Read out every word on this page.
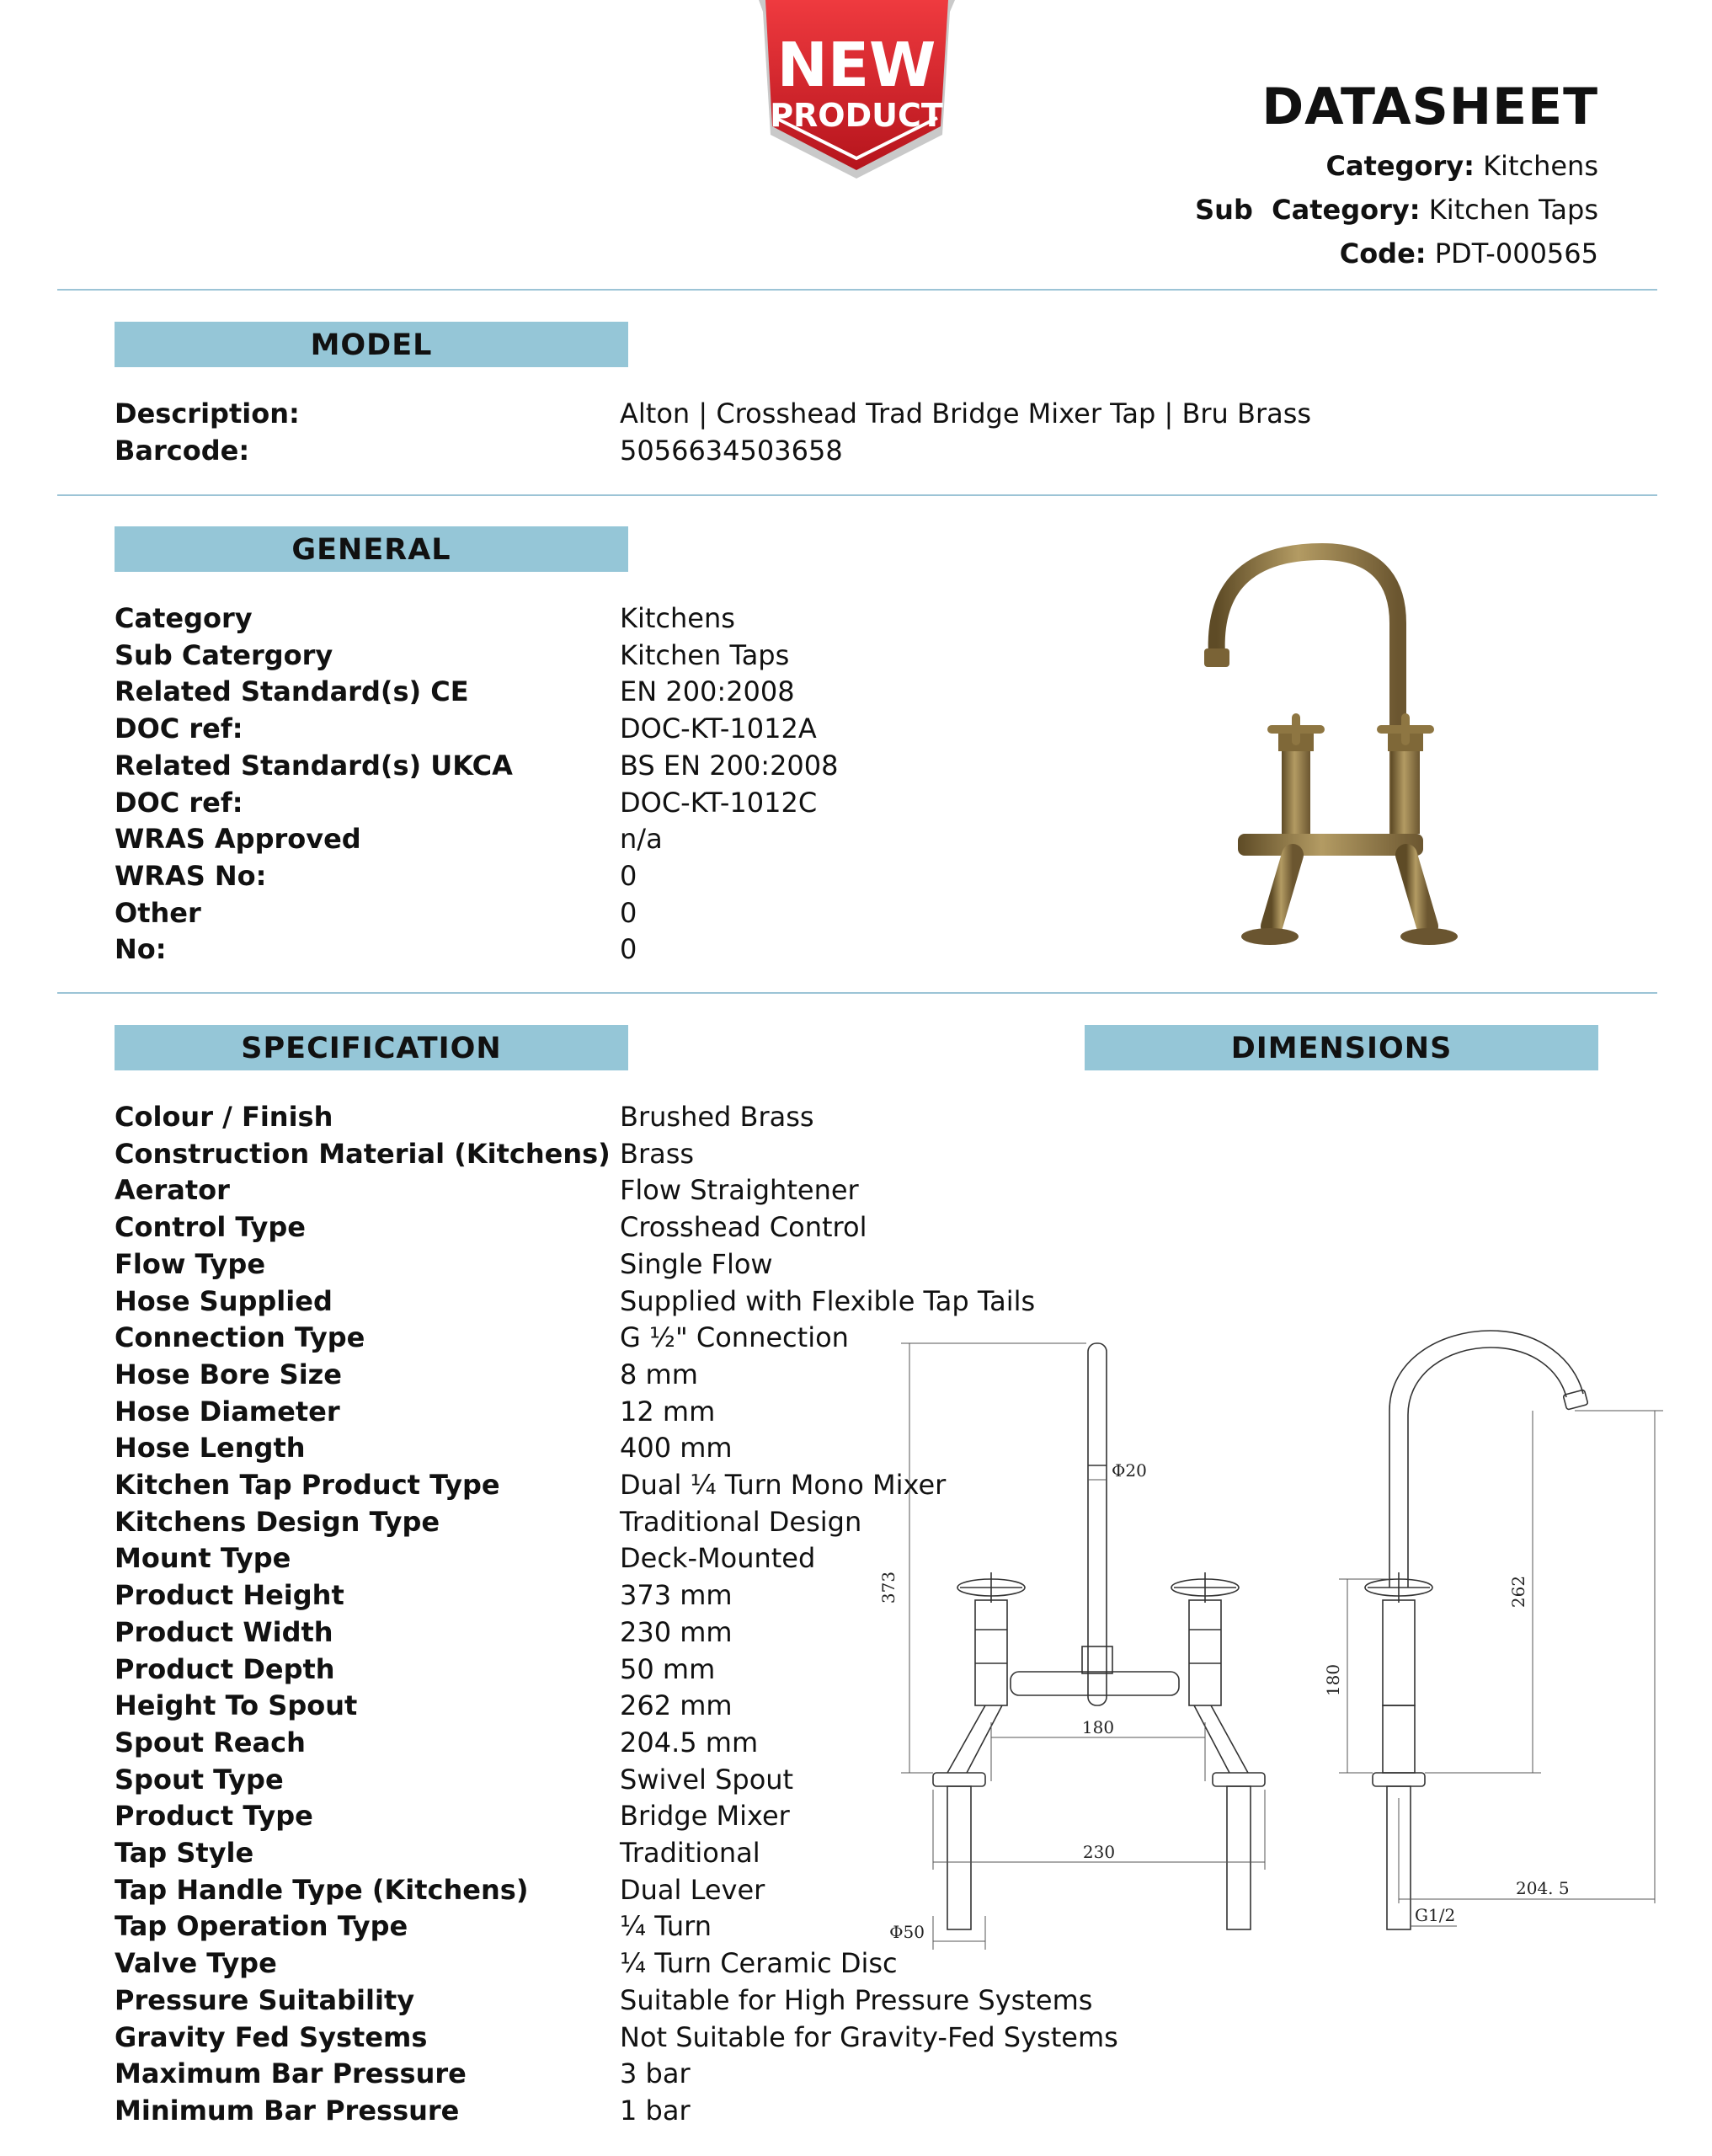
NEW
PRODUCT	DATASHEET
Category: Kitchens
Sub  Category: Kitchen Taps
Code: PDT-000565
MODEL
Description:	Alton | Crosshead Trad Bridge Mixer Tap | Bru Brass
Barcode:	5056634503658
GENERAL
Category	Kitchens
Sub Catergory	Kitchen Taps
Related Standard(s) CE	EN 200:2008
DOC ref:	DOC-KT-1012A
Related Standard(s) UKCA	BS EN 200:2008
DOC ref:	DOC-KT-1012C
WRAS Approved	n/a
WRAS No:	0
Other	0
No:	0
SPECIFICATION	DIMENSIONS
Colour / Finish	Brushed Brass
Construction Material (Kitchens) Brass
Aerator	Flow Straightener
Control Type	Crosshead Control
Flow Type	Single Flow
Hose Supplied	Supplied with Flexible Tap Tails
Connection Type	G ½" Connection
Hose Bore Size	8 mm
Hose Diameter	12 mm
Hose Length	400 mm
Kitchen Tap Product Type	Dual ¼ Turn Mono Mixer
Kitchens Design Type	Traditional Design
Mount Type	Deck-Mounted
Product Height	373 mm
Product Width	230 mm
Product Depth	50 mm
Height To Spout	262 mm
Spout Reach	204.5 mm
Spout Type	Swivel Spout
Product Type	Bridge Mixer
Tap Style	Traditional
Tap Handle Type (Kitchens)	Dual Lever
Tap Operation Type	¼ Turn
Valve Type	¼ Turn Ceramic Disc
Pressure Suitability	Suitable for High Pressure Systems
Gravity Fed Systems	Not Suitable for Gravity-Fed Systems
Maximum Bar Pressure	3 bar
Minimum Bar Pressure	1 bar
373
Φ20
180
230
Φ50
180
262
204. 5
G1/2
